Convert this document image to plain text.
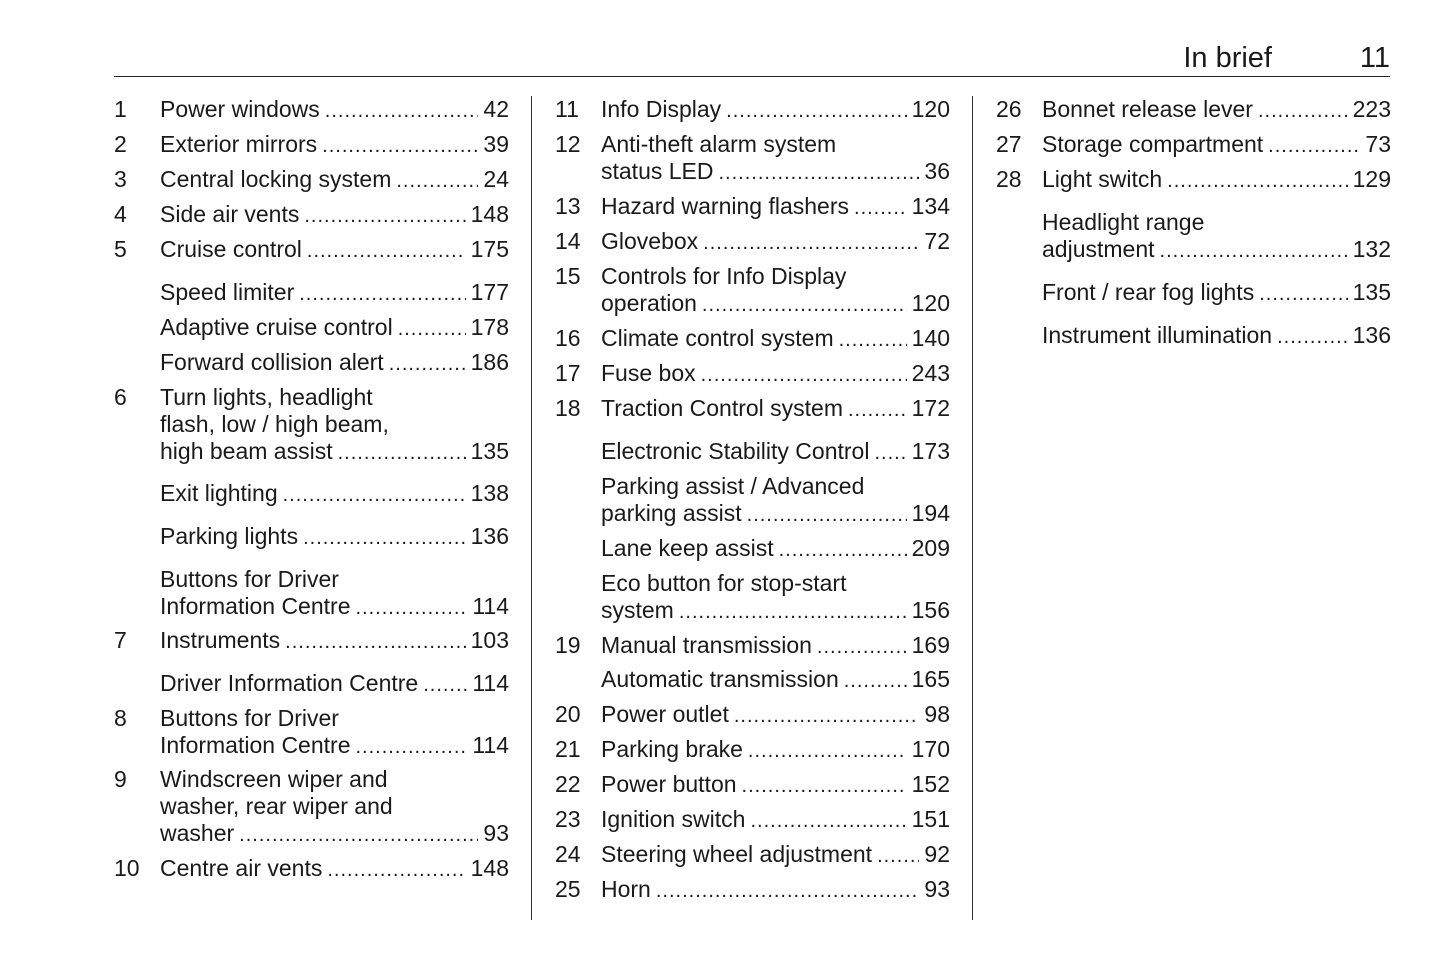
In brief	11
1 Power windows .....	42
2 Exterior mirrors .....	39
3 Central locking system .....	24
4 Side air vents .....	148
5 Cruise control .....	175
Speed limiter .....	177
Adaptive cruise control .....	178
Forward collision alert .....	186
6 Turn lights, headlight
flash, low / high beam,
high beam assist .....	135
Exit lighting .....	138
Parking lights .....	136
Buttons for Driver
Information Centre .....	114
7 Instruments .....	103
Driver Information Centre ..... 114
8 Buttons for Driver
Information Centre .....	114
9 Windscreen wiper and
washer, rear wiper and
washer .....	93
10 Centre air vents .....	148
11 Info Display .....	120
12 Anti-theft alarm system
status LED .....	36
13 Hazard warning flashers .....	134
14 Glovebox .....	72
15 Controls for Info Display
operation .....	120
16 Climate control system .....	140
17 Fuse box .....	243
18 Traction Control system .....	172
Electronic Stability Control ..... 173
Parking assist / Advanced
parking assist .....	194
Lane keep assist .....	209
Eco button for stop-start
system .....	156
19 Manual transmission .....	169
Automatic transmission .....	165
20 Power outlet .....	98
21 Parking brake .....	170
22 Power button .....	152
23 Ignition switch .....	151
24 Steering wheel adjustment ..... 92
25 Horn .....	93
26 Bonnet release lever .....	223
27 Storage compartment .....	73
28 Light switch .....	129
Headlight range
adjustment .....	132
Front / rear fog lights .....	135
Instrument illumination .....	136
